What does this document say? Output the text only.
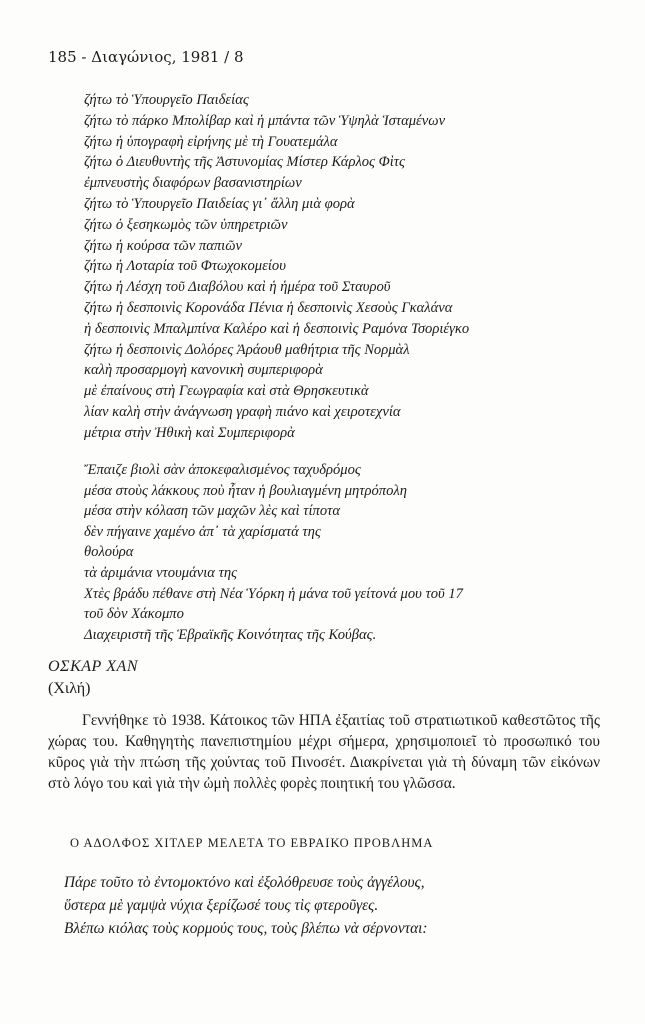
185 - Διαγώνιος, 1981 / 8
ζήτω τὸ Ὑπουργεῖο Παιδείας
ζήτω τὸ πάρκο Μπολίβαρ καὶ ἡ μπάντα τῶν Ὑψηλὰ Ἱσταμένων
ζήτω ἡ ὑπογραφὴ εἰρήνης μὲ τὴ Γουατεμάλα
ζήτω ὁ Διευθυντὴς τῆς Ἀστυνομίας Μίστερ Κάρλος Φὶτς
ἐμπνευστὴς διαφόρων βασανιστηρίων
ζήτω τὸ Ὑπουργεῖο Παιδείας γι᾿ ἄλλη μιὰ φορὰ
ζήτω ὁ ξεσηκωμὸς τῶν ὑπηρετριῶν
ζήτω ἡ κούρσα τῶν παπιῶν
ζήτω ἡ Λοταρία τοῦ Φτωχοκομείου
ζήτω ἡ Λέσχη τοῦ Διαβόλου καὶ ἡ ἡμέρα τοῦ Σταυροῦ
ζήτω ἡ δεσποινὶς Κορονάδα Πένια ἡ δεσποινὶς Χεσοὺς Γκαλάνα
ἡ δεσποινὶς Μπαλμπίνα Καλέρο καὶ ἡ δεσποινὶς Ραμόνα Τσοριέγκο
ζήτω ἡ δεσποινὶς Δολόρες Ἀράουθ μαθήτρια τῆς Νορμὰλ
καλὴ προσαρμογὴ κανονικὴ συμπεριφορὰ
μὲ ἐπαίνους στὴ Γεωγραφία καὶ στὰ Θρησκευτικὰ
λίαν καλὴ στὴν ἀνάγνωση γραφὴ πιάνο καὶ χειροτεχνία
μέτρια στὴν Ἠθικὴ καὶ Συμπεριφορὰ
Ἔπαιζε βιολὶ σὰν ἀποκεφαλισμένος ταχυδρόμος
μέσα στοὺς λάκκους ποὺ ἦταν ἡ βουλιαγμένη μητρόπολη
μέσα στὴν κόλαση τῶν μαχῶν λὲς καὶ τίποτα
δὲν πήγαινε χαμένο ἀπ᾿ τὰ χαρίσματά της
θολούρα
τὰ ἀριμάνια ντουμάνια της
Χτὲς βράδυ πέθανε στὴ Νέα Ὑόρκη ἡ μάνα τοῦ γείτονά μου τοῦ 17
τοῦ δὸν Χάκομπο
Διαχειριστῆ τῆς Ἑβραϊκῆς Κοινότητας τῆς Κούβας.
ΟΣΚΑΡ ΧΑΝ
(Χιλή)
Γεννήθηκε τὸ 1938. Κάτοικος τῶν ΗΠΑ ἐξαιτίας τοῦ στρατιωτικοῦ καθεστῶτος τῆς χώρας του. Καθηγητὴς πανεπιστημίου μέχρι σήμερα, χρησιμοποιεῖ τὸ προσωπικό του κῦρος γιὰ τὴν πτώση τῆς χούντας τοῦ Πινοσέτ. Διακρίνεται γιὰ τὴ δύναμη τῶν εἰκόνων στὸ λόγο του καὶ γιὰ τὴν ὠμὴ πολλὲς φορὲς ποιητική του γλῶσσα.
Ο ΑΔΟΛΦΟΣ ΧΙΤΛΕΡ ΜΕΛΕΤΑ ΤΟ ΕΒΡΑΙΚΟ ΠΡΟΒΛΗΜΑ
Πάρε τοῦτο τὸ ἐντομοκτόνο καὶ ἐξολόθρευσε τοὺς ἀγγέλους,
ὕστερα μὲ γαμψὰ νύχια ξερίζωσέ τους τὶς φτεροῦγες.
Βλέπω κιόλας τοὺς κορμούς τους, τοὺς βλέπω νὰ σέρνονται:
